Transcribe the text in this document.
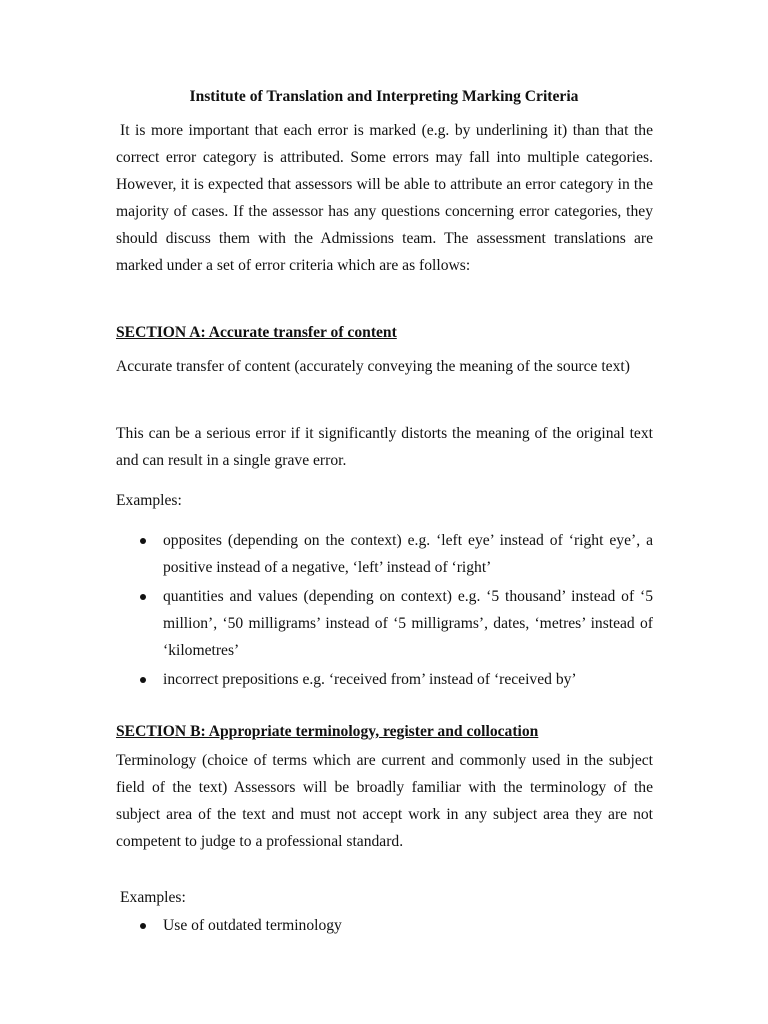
Institute of Translation and Interpreting Marking Criteria

It is more important that each error is marked (e.g. by underlining it) than that the correct error category is attributed. Some errors may fall into multiple categories. However, it is expected that assessors will be able to attribute an error category in the majority of cases. If the assessor has any questions concerning error categories, they should discuss them with the Admissions team. The assessment translations are marked under a set of error criteria which are as follows:

SECTION A: Accurate transfer of content

Accurate transfer of content (accurately conveying the meaning of the source text)

This can be a serious error if it significantly distorts the meaning of the original text and can result in a single grave error.

Examples:

opposites (depending on the context) e.g. ‘left eye’ instead of ‘right eye’, a positive instead of a negative, ‘left’ instead of ‘right’
quantities and values (depending on context) e.g. ‘5 thousand’ instead of ‘5 million’, ‘50 milligrams’ instead of ‘5 milligrams’, dates, ‘metres’ instead of ‘kilometres’
incorrect prepositions e.g. ‘received from’ instead of ‘received by’

SECTION B: Appropriate terminology, register and collocation

Terminology (choice of terms which are current and commonly used in the subject field of the text) Assessors will be broadly familiar with the terminology of the subject area of the text and must not accept work in any subject area they are not competent to judge to a professional standard.

Examples:

Use of outdated terminology
